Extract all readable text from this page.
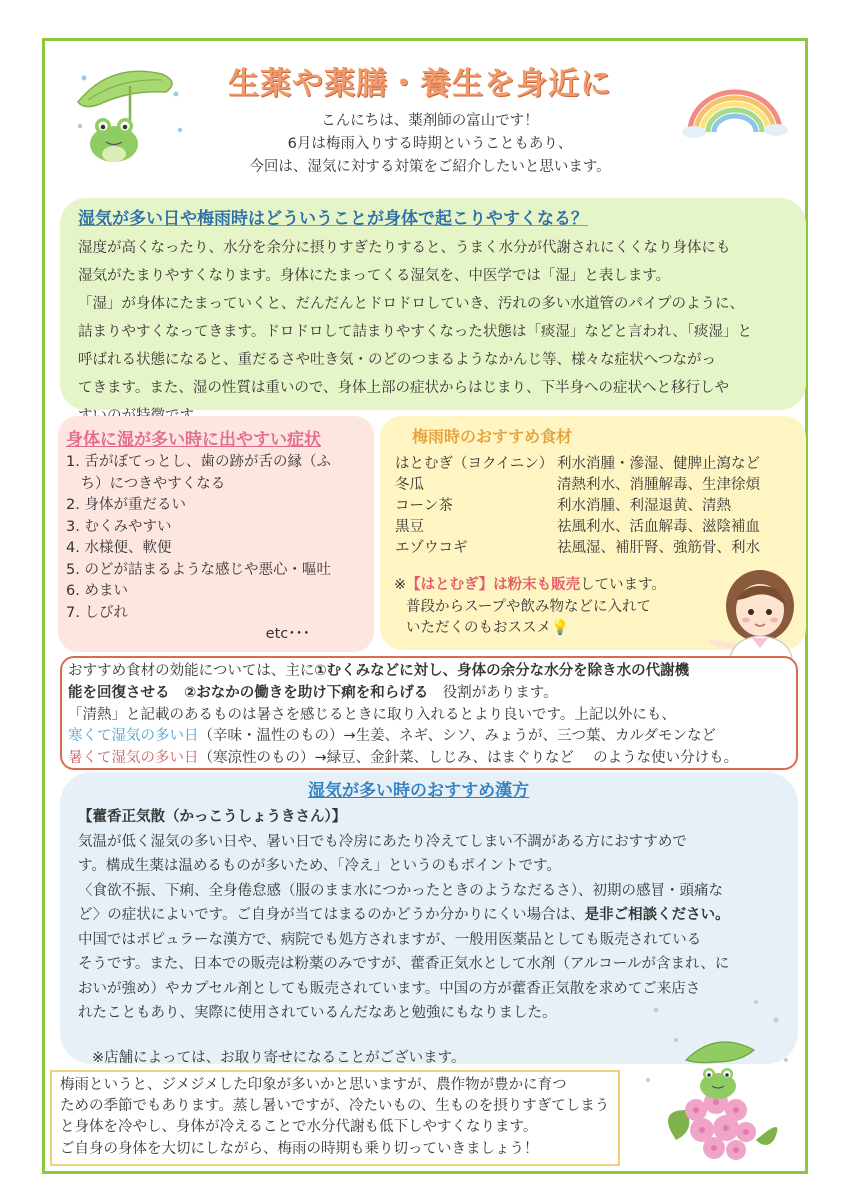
生薬や薬膳・養生を身近に
こんにちは、薬剤師の富山です！
6月は梅雨入りする時期ということもあり、
今回は、湿気に対する対策をご紹介したいと思います。
湿気が多い日や梅雨時はどういうことが身体で起こりやすくなる？

湿度が高くなったり、水分を余分に摂りすぎたりすると、うまく水分が代謝されにくくなり身体にも

湿気がたまりやすくなります。身体にたまってくる湿気を、中医学では「湿」と表します。

「湿」が身体にたまっていくと、だんだんとドロドロしていき、汚れの多い水道管のパイプのように、

詰まりやすくなってきます。ドロドロして詰まりやすくなった状態は「痰湿」などと言われ、「痰湿」と

呼ばれる状態になると、重だるさや吐き気・のどのつまるようなかんじ等、様々な症状へつながっ

てきます。また、湿の性質は重いので、身体上部の症状からはじまり、下半身への症状へと移行しや

身体に湿が多い時に出やすい症状
1. 舌がぼてっとし、歯の跡が舌の縁（ふ
　ち）につきやすくなる
2. 身体が重だるい
3. むくみやすい
4. 水様便、軟便
5. のどが詰まるような感じや悪心・嘔吐
6. めまい
7. しびれ
etc･･･
梅雨時のおすすめ食材
はとむぎ（ヨクイニン） 利水消腫・滲湿、健脾止瀉など
冬瓜	清熱利水、消腫解毒、生津徐煩
コーン茶	利水消腫、利湿退黄、清熱
黒豆	祛風利水、活血解毒、滋陰補血
エゾウコギ	祛風湿、補肝腎、強筋骨、利水
※【はとむぎ】は粉末も販売しています。
普段からスープや飲み物などに入れて
いただくのもおススメ💡

おすすめ食材の効能については、主に①むくみなどに対し、身体の余分な水分を除き水の代謝機

能を回復させる　②おなかの働きを助け下痢を和らげる　役割があります。

「清熱」と記載のあるものは暑さを感じるときに取り入れるとより良いです。上記以外にも、

寒くて湿気の多い日（辛味・温性のもの）→生姜、ネギ、シソ、みょうが、三つ葉、カルダモンなど

暑くて湿気の多い日（寒涼性のもの）→緑豆、金針菜、しじみ、はまぐりなど　 のような使い分けも。

湿気が多い時のおすすめ漢方

【藿香正気散（かっこうしょうきさん）】

気温が低く湿気の多い日や、暑い日でも冷房にあたり冷えてしまい不調がある方におすすめで

す。構成生薬は温めるものが多いため、「冷え」というのもポイントです。

〈食欲不振、下痢、全身倦怠感（服のまま水につかったときのようなだるさ）、初期の感冒・頭痛な

ど〉の症状によいです。ご自身が当てはまるのかどうか分かりにくい場合は、是非ご相談ください。

中国ではポピュラーな漢方で、病院でも処方されますが、一般用医薬品としても販売されている

そうです。また、日本での販売は粉薬のみですが、藿香正気水として水剤（アルコールが含まれ、に

おいが強め）やカプセル剤としても販売されています。中国の方が藿香正気散を求めてご来店さ

れたこともあり、実際に使用されているんだなあと勉強にもなりました。

※店舗によっては、お取り寄せになることがございます。

梅雨というと、ジメジメした印象が多いかと思いますが、農作物が豊かに育つ

ための季節でもあります。蒸し暑いですが、冷たいもの、生ものを摂りすぎてしまう

と身体を冷やし、身体が冷えることで水分代謝も低下しやすくなります。

ご自身の身体を大切にしながら、梅雨の時期も乗り切っていきましょう！
